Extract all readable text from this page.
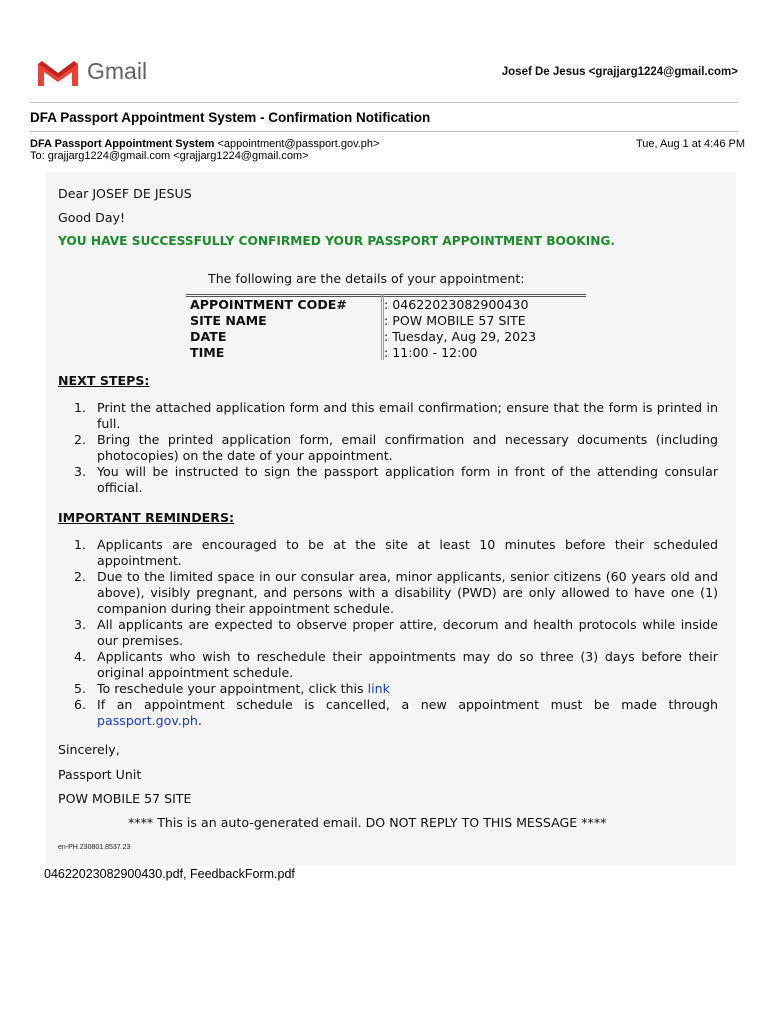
Gmail	Josef De Jesus <grajjarg1224@gmail.com>
DFA Passport Appointment System - Confirmation Notification
DFA Passport Appointment System <appointment@passport.gov.ph>
To: grajjarg1224@gmail.com <grajjarg1224@gmail.com>
Tue, Aug 1 at 4:46 PM
Dear JOSEF DE JESUS
Good Day!
YOU HAVE SUCCESSFULLY CONFIRMED YOUR PASSPORT APPOINTMENT BOOKING.
The following are the details of your appointment:
APPOINTMENT CODE#	: 04622023082900430
SITE NAME	: POW MOBILE 57 SITE
DATE	: Tuesday, Aug 29, 2023
TIME	: 11:00 - 12:00
NEXT STEPS:
1. Print the attached application form and this email confirmation; ensure that the form is printed in full.
2. Bring the printed application form, email confirmation and necessary documents (including photocopies) on the date of your appointment.
3. You will be instructed to sign the passport application form in front of the attending consular official.
IMPORTANT REMINDERS:
1. Applicants are encouraged to be at the site at least 10 minutes before their scheduled appointment.
2. Due to the limited space in our consular area, minor applicants, senior citizens (60 years old and above), visibly pregnant, and persons with a disability (PWD) are only allowed to have one (1) companion during their appointment schedule.
3. All applicants are expected to observe proper attire, decorum and health protocols while inside our premises.
4. Applicants who wish to reschedule their appointments may do so three (3) days before their original appointment schedule.
5. To reschedule your appointment, click this link
6. If an appointment schedule is cancelled, a new appointment must be made through passport.gov.ph.
Sincerely,
Passport Unit
POW MOBILE 57 SITE
**** This is an auto-generated email. DO NOT REPLY TO THIS MESSAGE ****
en-PH.230801.8537.23
04622023082900430.pdf, FeedbackForm.pdf
